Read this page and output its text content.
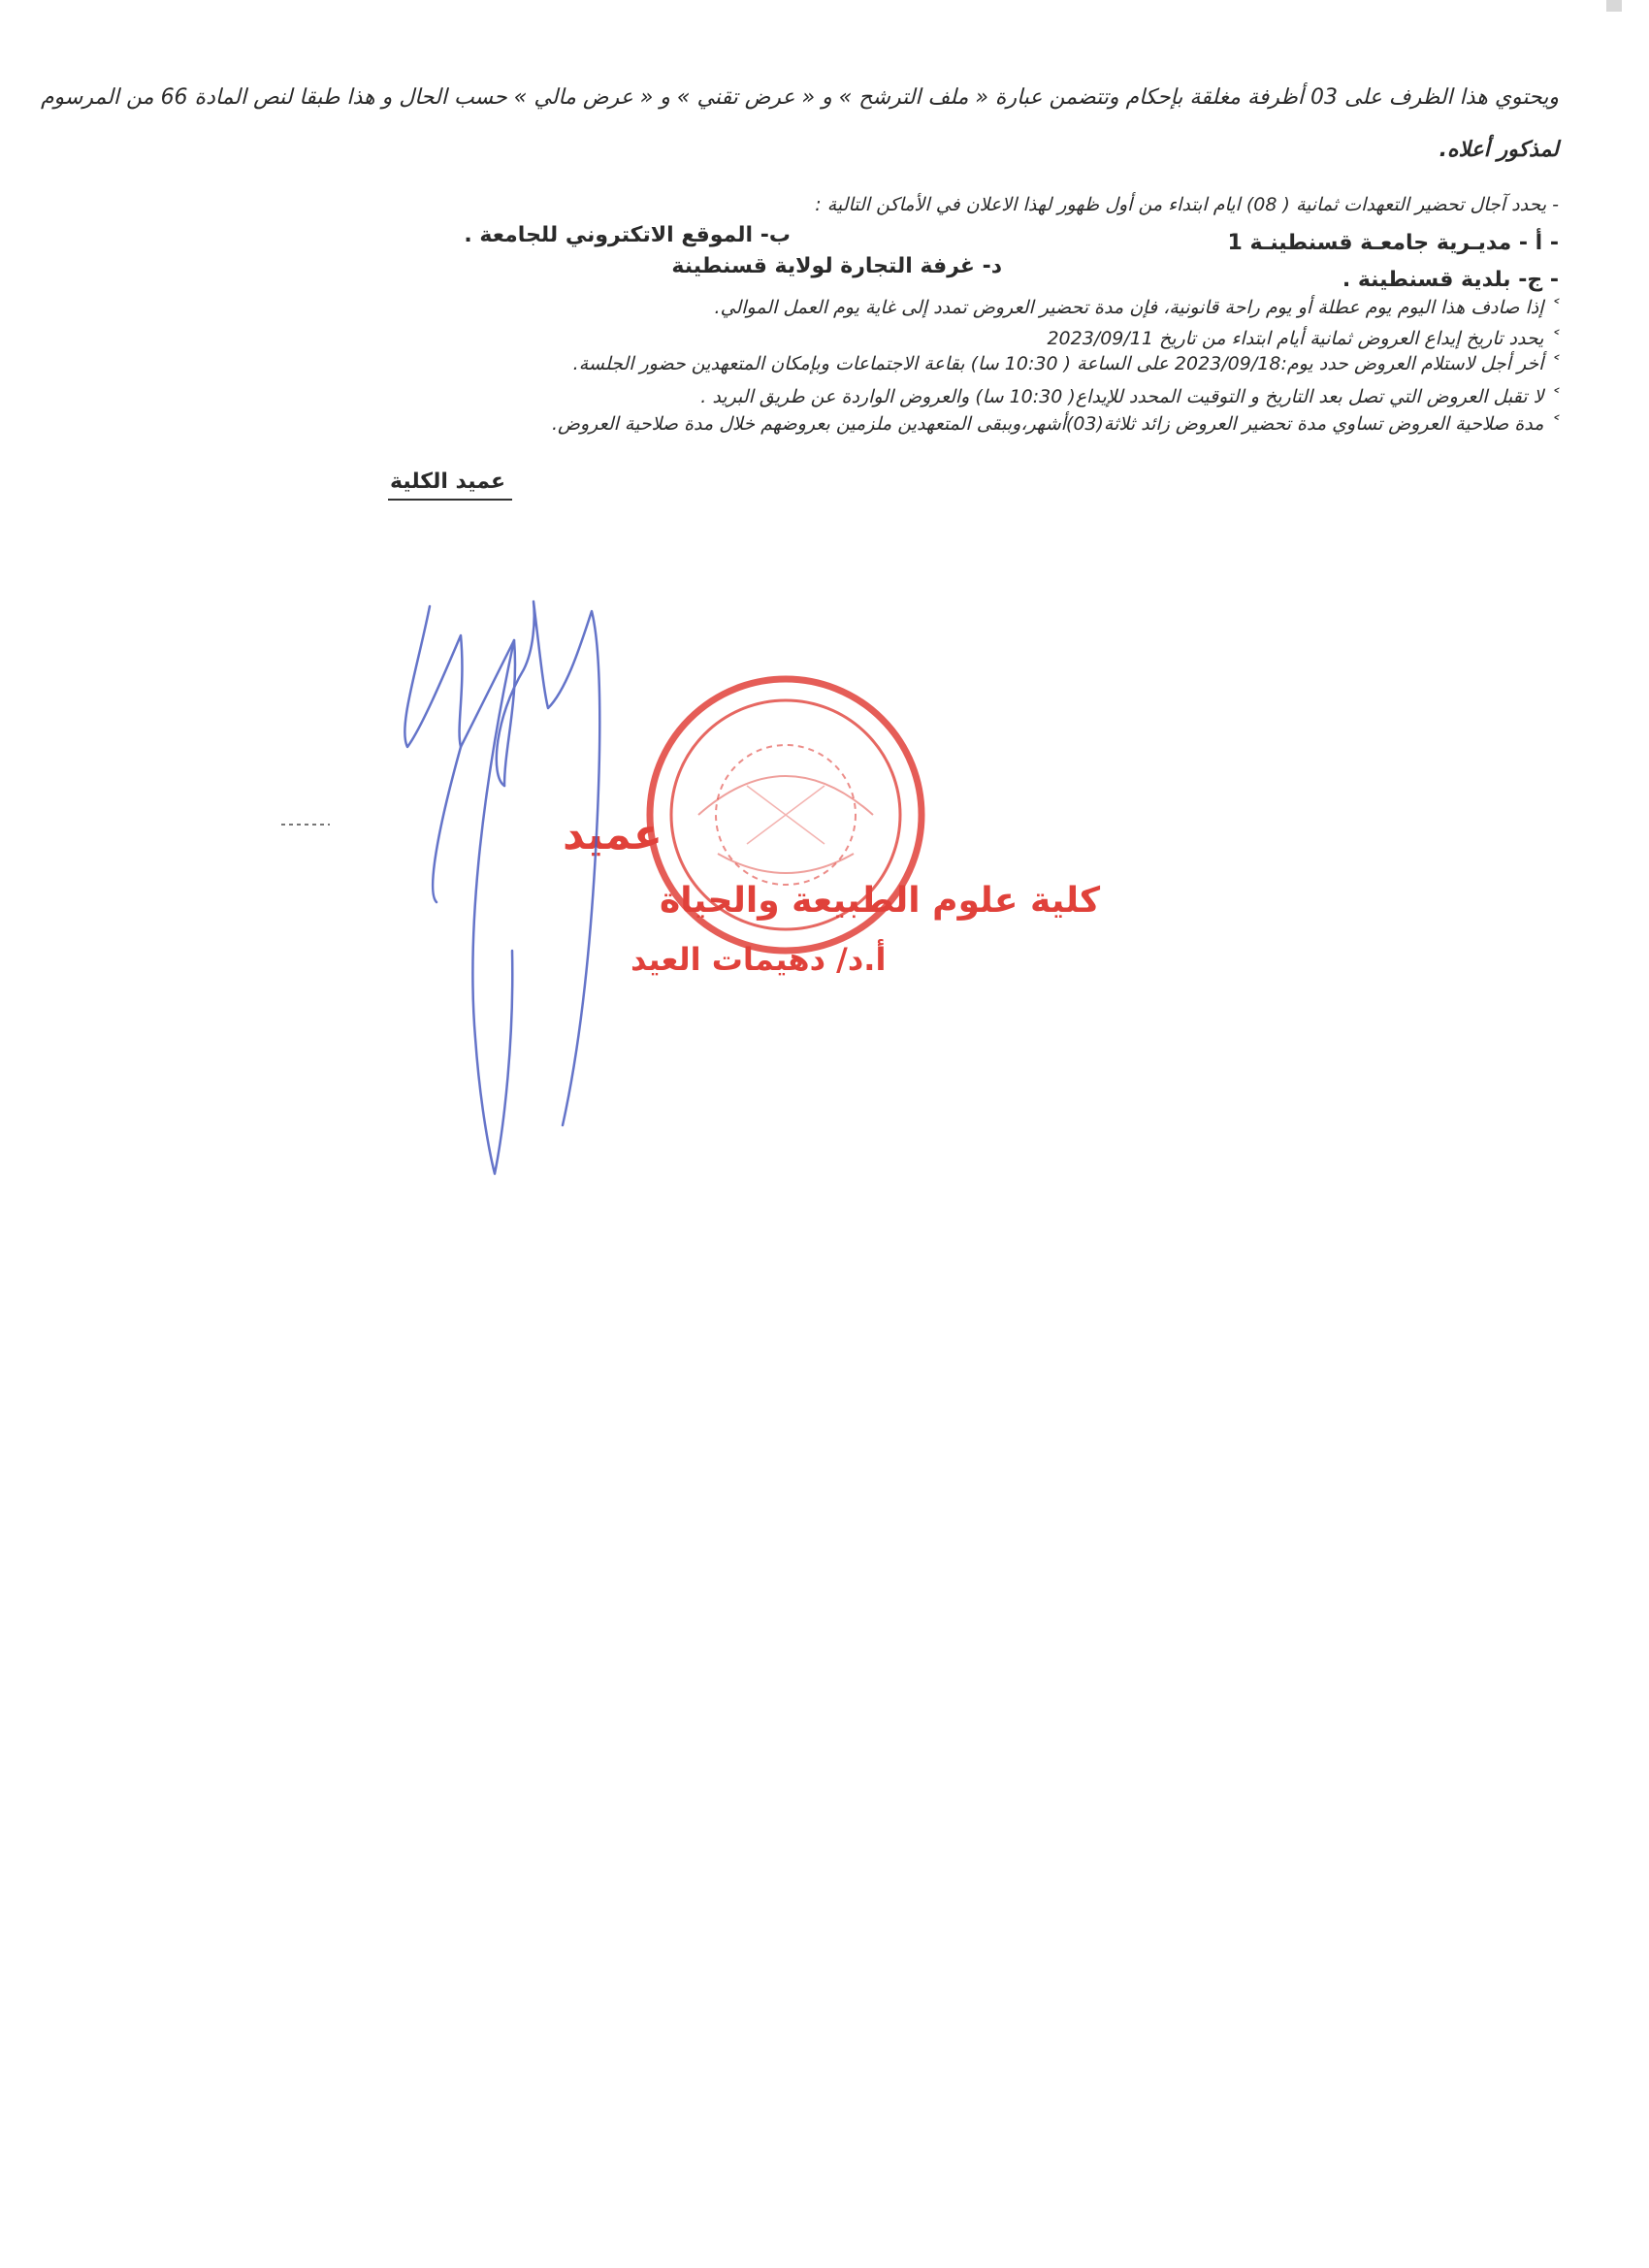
ويحتوي هذا الظرف على 03 أظرفة مغلقة بإحكام وتتضمن عبارة « ملف الترشح » و « عرض تقني » و « عرض مالي » حسب الحال و هذا طبقا لنص المادة 66 من المرسوم
لمذكور أعلاه.
- يحدد آجال تحضير التعهدات ثمانية ( 08) ايام ابتداء من أول ظهور لهذا الاعلان في الأماكن التالية :
- أ - مديـرية جامعـة قسنطينـة 1
ب- الموقع الاتكتروني للجامعة .
- ج- بلدية قسنطينة .
د- غرفة التجارة لولاية قسنطينة
˂ إذا صادف هذا اليوم يوم عطلة أو يوم راحة قانونية، فإن مدة تحضير العروض تمدد إلى غاية يوم العمل الموالي.
˂ يحدد تاريخ إيداع العروض ثمانية أيام ابتداء من تاريخ 2023/09/11
˂ أخر أجل لاستلام العروض حدد يوم:2023/09/18 على الساعة ( 10:30 سا) بقاعة الاجتماعات وبإمكان المتعهدين حضور الجلسة.
˂ لا تقبل العروض التي تصل بعد التاريخ و التوقيت المحدد للإيداع( 10:30 سا) والعروض الواردة عن طريق البريد .
˂ مدة صلاحية العروض تساوي مدة تحضير العروض زائد ثلاثة(03)أشهر،وببقى المتعهدين ملزمين بعروضهم خلال مدة صلاحية العروض.
عميد الكلية
عميد
كلية علوم الطبيعة والحياة
أ.د/ دهيمات العيد
